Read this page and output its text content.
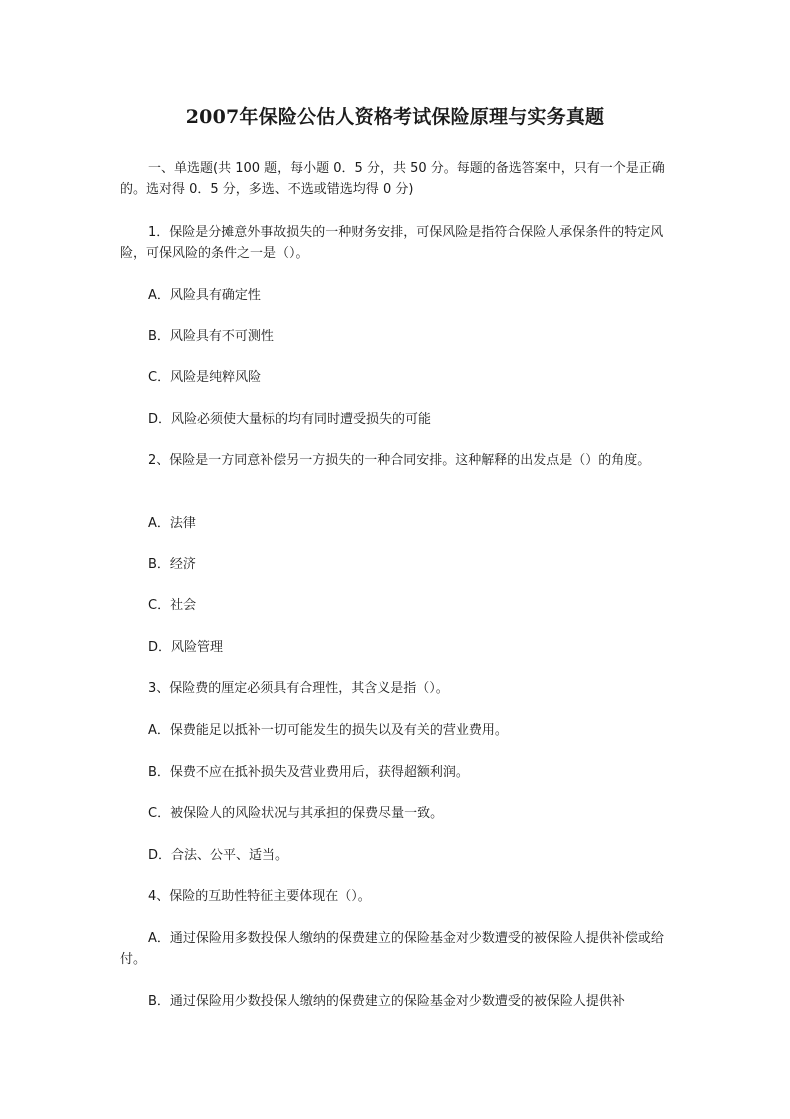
2007年保险公估人资格考试保险原理与实务真题

一、单选题(共 100 题，每小题 0．5 分，共 50 分。每题的备选答案中，只有一个是正确的。选对得 0．5 分，多选、不选或错选均得 0 分)

1．保险是分摊意外事故损失的一种财务安排，可保风险是指符合保险人承保条件的特定风险，可保风险的条件之一是（）。

A．风险具有确定性

B．风险具有不可测性

C．风险是纯粹风险

D．风险必须使大量标的均有同时遭受损失的可能

2、保险是一方同意补偿另一方损失的一种合同安排。这种解释的出发点是（）的角度。

A．法律

B．经济

C．社会

D．风险管理

3、保险费的厘定必须具有合理性，其含义是指（）。

A．保费能足以抵补一切可能发生的损失以及有关的营业费用。

B．保费不应在抵补损失及营业费用后，获得超额利润。

C．被保险人的风险状况与其承担的保费尽量一致。

D．合法、公平、适当。

4、保险的互助性特征主要体现在（）。

A．通过保险用多数投保人缴纳的保费建立的保险基金对少数遭受的被保险人提供补偿或给付。

B．通过保险用少数投保人缴纳的保费建立的保险基金对少数遭受的被保险人提供补
